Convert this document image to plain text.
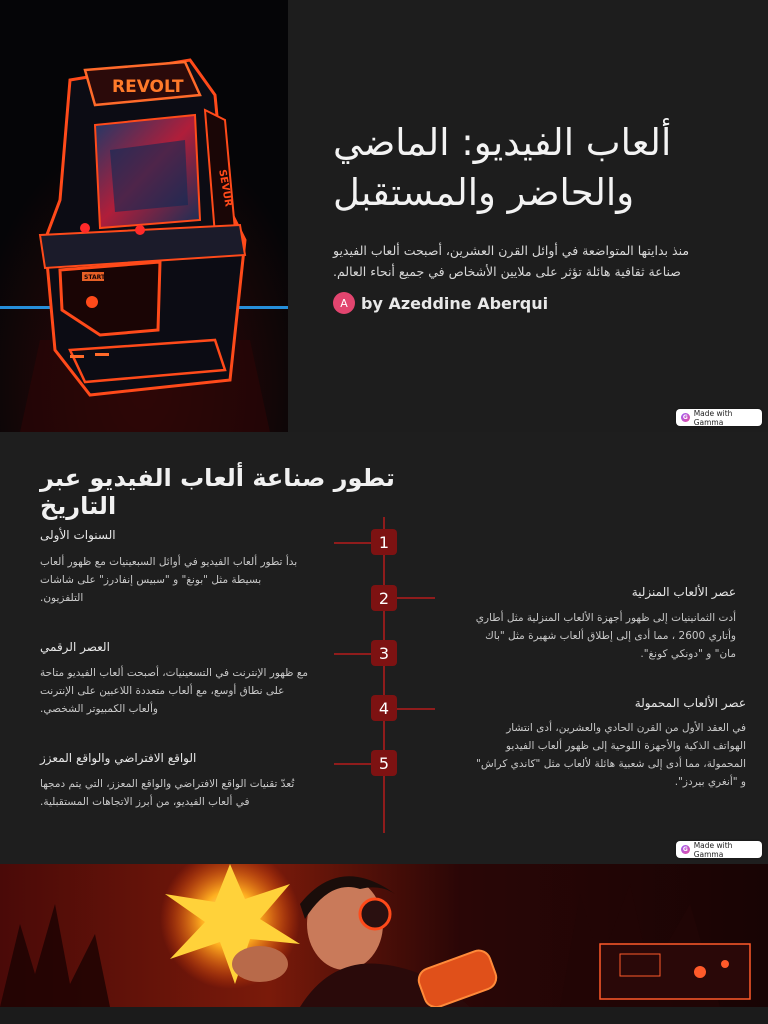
REVOLT
SEVUR
START
ألعاب الفيديو: الماضي
والحاضر والمستقبل

منذ بدايتها المتواضعة في أوائل القرن العشرين، أصبحت ألعاب الفيديو
صناعة ثقافية هائلة تؤثر على ملايين الأشخاص في جميع أنحاء العالم.

A by Azeddine Aberqui
G Made with Gamma
تطور صناعة ألعاب الفيديو عبر التاريخ
1
السنوات الأولى
بدأ تطور ألعاب الفيديو في أوائل السبعينيات مع ظهور ألعاب
بسيطة مثل "بونغ" و "سبيس إنفادرز" على شاشات
التلفزيون.	2	عصر الألعاب المنزلية
أدت الثمانينيات إلى ظهور أجهزة الألعاب المنزلية مثل أطاري
وأتاري 2600 ، مما أدى إلى إطلاق ألعاب شهيرة مثل "باك
مان" و "دونكي كونغ".
3
العصر الرقمي
مع ظهور الإنترنت في التسعينيات، أصبحت ألعاب الفيديو متاحة
على نطاق أوسع، مع ألعاب متعددة اللاعبين على الإنترنت
وألعاب الكمبيوتر الشخصي.	4	عصر الألعاب المحمولة
في العقد الأول من القرن الحادي والعشرين، أدى انتشار
الهواتف الذكية والأجهزة اللوحية إلى ظهور ألعاب الفيديو
المحمولة، مما أدى إلى شعبية هائلة لألعاب مثل "كاندي كراش"
و "أنغري بيردز".
5
الواقع الافتراضي والواقع المعزز
تُعدّ تقنيات الواقع الافتراضي والواقع المعزز، التي يتم دمجها
في ألعاب الفيديو، من أبرز الاتجاهات المستقبلية.
G Made with Gamma
